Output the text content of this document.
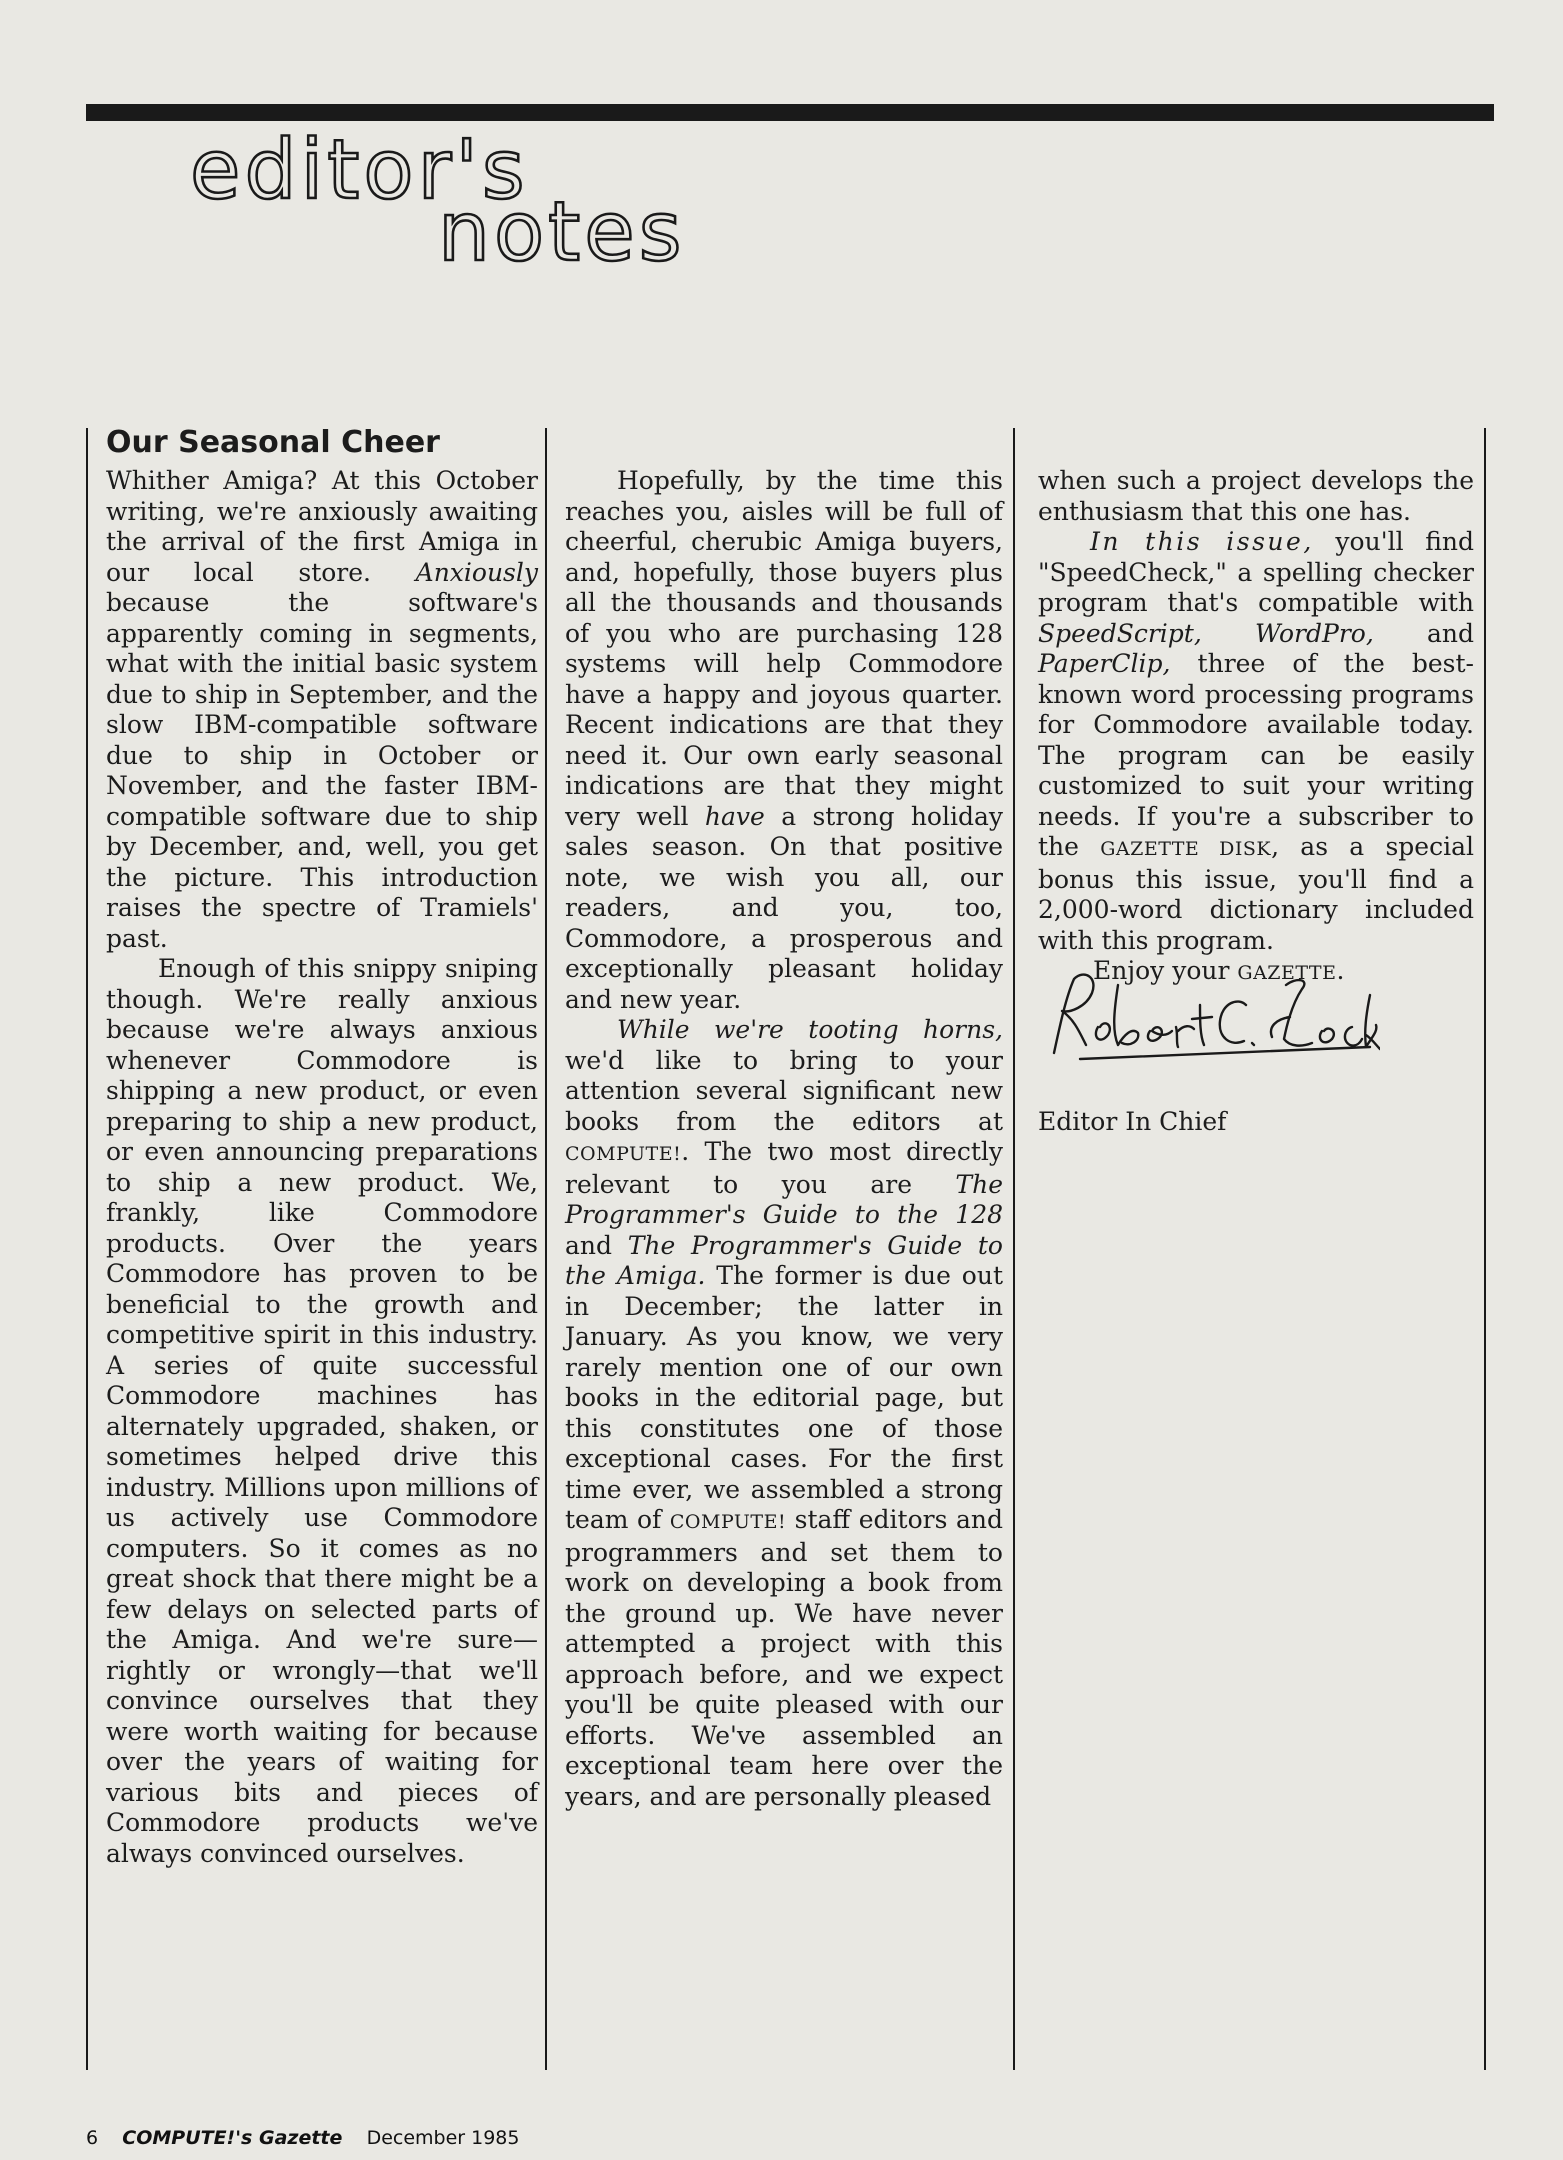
editor's
notes
Our Seasonal Cheer

Whither Amiga? At this October writing, we're anxiously awaiting the arrival of the first Amiga in our local store. Anxiously because the software's apparently coming in segments, what with the initial basic system due to ship in September, and the slow IBM-compatible software due to ship in October or November, and the faster IBM-compatible software due to ship by December, and, well, you get the picture. This introduction raises the spectre of Tramiels' past.

Enough of this snippy sniping though. We're really anxious because we're always anxious whenever Commodore is shipping a new product, or even preparing to ship a new product, or even announcing preparations to ship a new product. We, frankly, like Commodore products. Over the years Commodore has proven to be beneficial to the growth and competitive spirit in this industry. A series of quite successful Commodore machines has alternately upgraded, shaken, or sometimes helped drive this industry. Millions upon millions of us actively use Commodore computers. So it comes as no great shock that there might be a few delays on selected parts of the Amiga. And we're sure—rightly or wrongly—that we'll convince ourselves that they were worth waiting for because over the years of waiting for various bits and pieces of Commodore products we've always convinced ourselves.

Hopefully, by the time this reaches you, aisles will be full of cheerful, cherubic Amiga buyers, and, hopefully, those buyers plus all the thousands and thousands of you who are purchasing 128 systems will help Commodore have a happy and joyous quarter. Recent indications are that they need it. Our own early seasonal indications are that they might very well have a strong holiday sales season. On that positive note, we wish you all, our readers, and you, too, Commodore, a prosperous and exceptionally pleasant holiday and new year.

While we're tooting horns, we'd like to bring to your attention several significant new books from the editors at COMPUTE!. The two most directly relevant to you are The Programmer's Guide to the 128 and The Programmer's Guide to the Amiga. The former is due out in December; the latter in January. As you know, we very rarely mention one of our own books in the editorial page, but this constitutes one of those exceptional cases. For the first time ever, we assembled a strong team of COMPUTE! staff editors and programmers and set them to work on developing a book from the ground up. We have never attempted a project with this approach before, and we expect you'll be quite pleased with our efforts. We've assembled an exceptional team here over the years, and are personally pleased

when such a project develops the enthusiasm that this one has.

In this issue, you'll find "SpeedCheck," a spelling checker program that's compatible with SpeedScript, WordPro, and PaperClip, three of the best-known word processing programs for Commodore available today. The program can be easily customized to suit your writing needs. If you're a subscriber to the GAZETTE DISK, as a special bonus this issue, you'll find a 2,000-word dictionary included with this program.

Enjoy your GAZETTE.

Editor In Chief
6 COMPUTE!'s Gazette December 1985
